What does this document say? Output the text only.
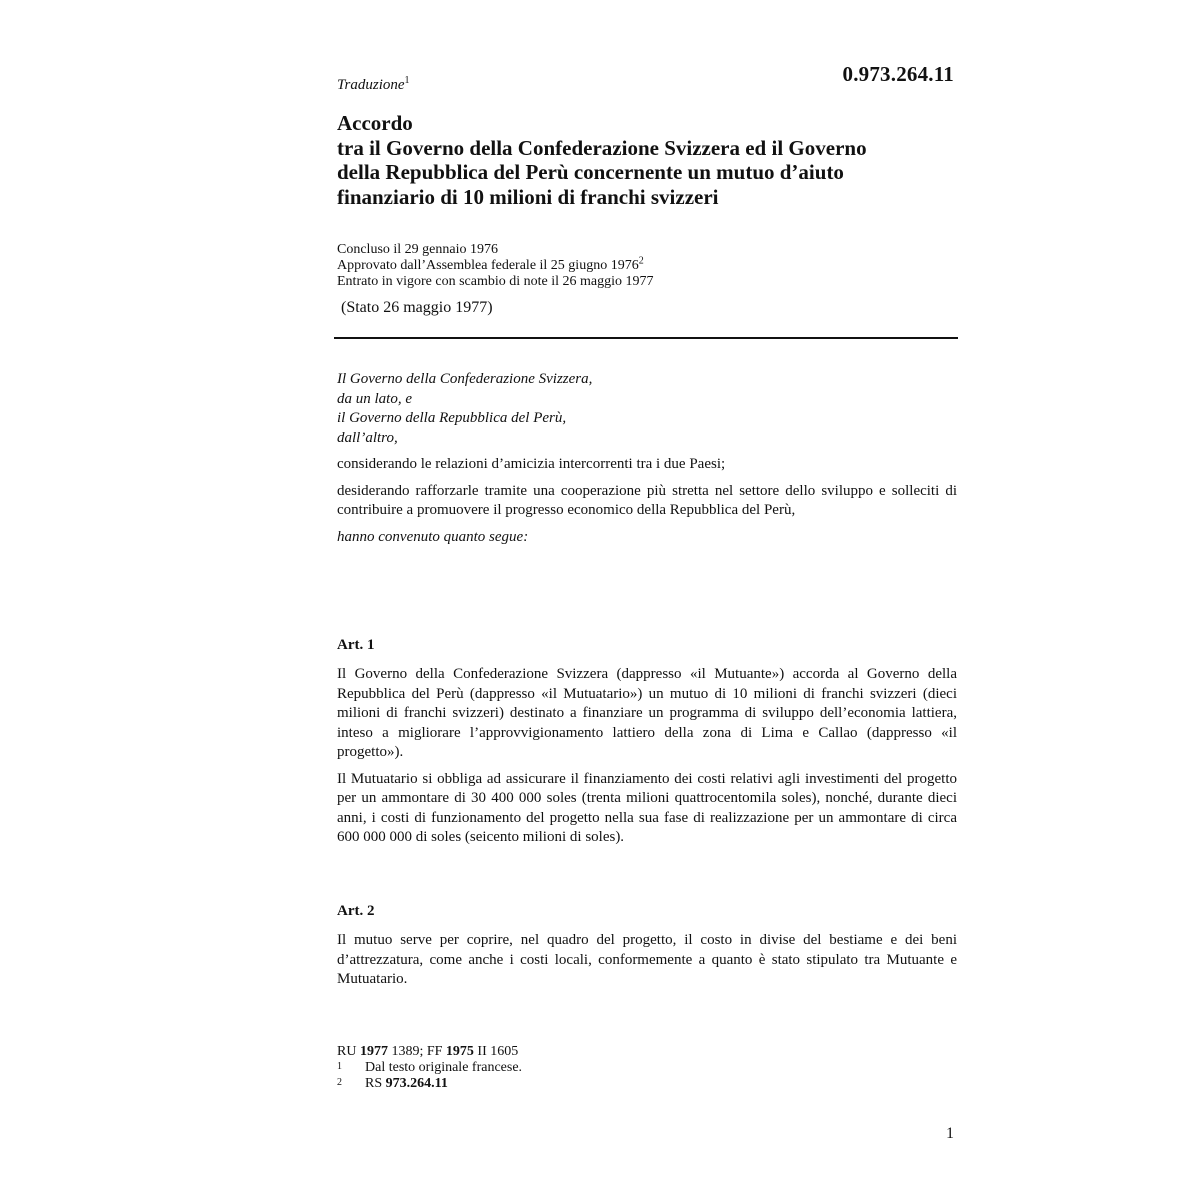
Traduzione$^1$	0.973.264.11
Accordo
tra il Governo della Confederazione Svizzera ed il Governo
della Repubblica del Perù concernente un mutuo d’aiuto
finanziario di 10 milioni di franchi svizzeri
Concluso il 29 gennaio 1976
Approvato dall’Assemblea federale il 25 giugno 1976$^2$
Entrato in vigore con scambio di note il 26 maggio 1977
(Stato 26 maggio 1977)
Il Governo della Confederazione Svizzera,
da un lato, e
il Governo della Repubblica del Perù,
dall’altro,
considerando le relazioni d’amicizia intercorrenti tra i due Paesi;
desiderando rafforzarle tramite una cooperazione più stretta nel settore dello sviluppo e solleciti di contribuire a promuovere il progresso economico della Repubblica del Perù,
hanno convenuto quanto segue:
Art. 1
Il Governo della Confederazione Svizzera (dappresso «il Mutuante») accorda al Governo della Repubblica del Perù (dappresso «il Mutuatario») un mutuo di 10 milioni di franchi svizzeri (dieci milioni di franchi svizzeri) destinato a finanziare un programma di sviluppo dell’economia lattiera, inteso a migliorare l’approvvigionamento lattiero della zona di Lima e Callao (dappresso «il progetto»).
Il Mutuatario si obbliga ad assicurare il finanziamento dei costi relativi agli investimenti del progetto per un ammontare di 30 400 000 soles (trenta milioni quattrocentomila soles), nonché, durante dieci anni, i costi di funzionamento del progetto nella sua fase di realizzazione per un ammontare di circa 600 000 000 di soles (seicento milioni di soles).
Art. 2
Il mutuo serve per coprire, nel quadro del progetto, il costo in divise del bestiame e dei beni d’attrezzatura, come anche i costi locali, conformemente a quanto è stato stipulato tra Mutuante e Mutuatario.
RU 1977 1389; FF 1975 II 1605
1	Dal testo originale francese.
2	RS 973.264.11
1
